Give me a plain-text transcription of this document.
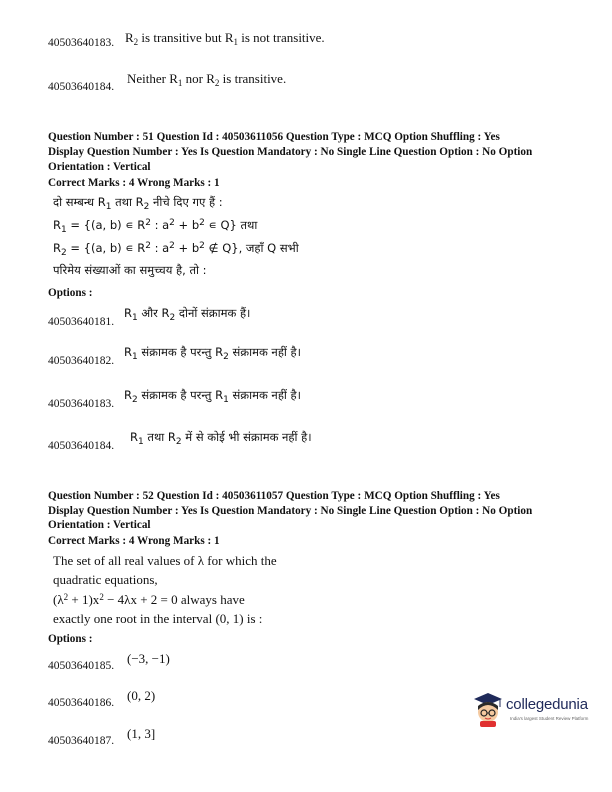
40503640183. $R_2$ is transitive but $R_1$ is not transitive.
40503640184.
Neither $R_1$ nor $R_2$ is transitive.
Question Number : 51 Question Id : 40503611056 Question Type : MCQ Option Shuffling : Yes
Display Question Number : Yes Is Question Mandatory : No Single Line Question Option : No Option
Orientation : Vertical
Correct Marks : 4 Wrong Marks : 1
दो सम्बन्ध $R_1$ तथा $R_2$ नीचे दिए गए हैं :
$R_1 = \{(a$, b) ∊ $R^2$ : $a^2 + b^2$ ∊ Q} तथा
$R_2 = \{(a$, b) ∊ $R^2$ : $a^2 + b^2$ ∉ Q}, जहाँ Q सभी
परिमेय संख्याओं का समुच्चय है, तो :
Options :
40503640181.
$R_1$ और $R_2$ दोनों संक्रामक हैं।
40503640182.
$R_1$ संक्रामक है परन्तु $R_2$ संक्रामक नहीं है।
40503640183.
$R_2$ संक्रामक है परन्तु $R_1$ संक्रामक नहीं है।
40503640184.
$R_1$ तथा $R_2$ में से कोई भी संक्रामक नहीं है।
Question Number : 52 Question Id : 40503611057 Question Type : MCQ Option Shuffling : Yes
Display Question Number : Yes Is Question Mandatory : No Single Line Question Option : No Option
Orientation : Vertical
Correct Marks : 4 Wrong Marks : 1
The set of all real values of λ for which the
quadratic equations,
$(\lambda^2 + 1)x^2 - 4\lambda x + 2 = 0$ always have
exactly one root in the interval (0, 1) is :
Options :
40503640185. (−3, −1)
40503640186. (0, 2)
40503640187. (1, 3]
collegedunia
India's largest Student Review Platform
